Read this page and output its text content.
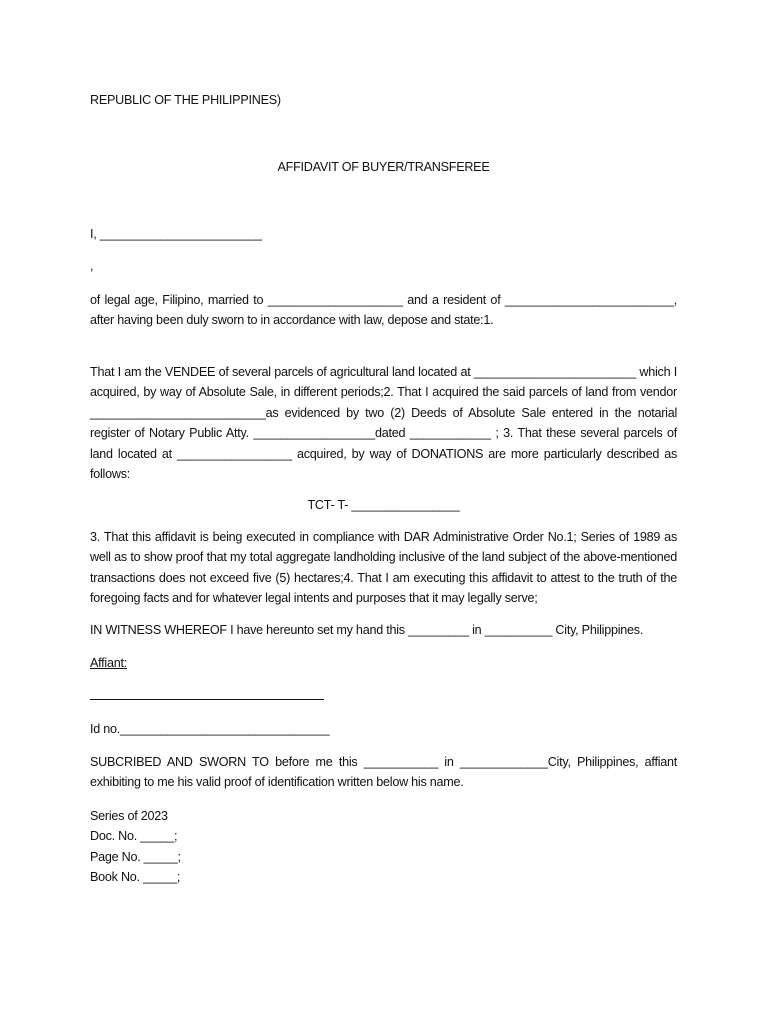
REPUBLIC OF THE PHILIPPINES)
AFFIDAVIT OF BUYER/TRANSFEREE
I, ________________________
,
of legal age, Filipino, married to ____________________ and a resident of _________________________, after having been duly sworn to in accordance with law, depose and state:1.
That I am the VENDEE of several parcels of agricultural land located at ________________________ which I acquired, by way of Absolute Sale, in different periods;2. That I acquired the said parcels of land from vendor __________________________as evidenced by two (2) Deeds of Absolute Sale entered in the notarial register of Notary Public Atty. __________________dated ____________ ; 3. That these several parcels of land located at _________________ acquired, by way of DONATIONS are more particularly described as follows:
TCT- T- ________________
3. That this affidavit is being executed in compliance with DAR Administrative Order No.1; Series of 1989 as well as to show proof that my total aggregate landholding inclusive of the land subject of the above-mentioned transactions does not exceed five (5) hectares;4. That I am executing this affidavit to attest to the truth of the foregoing facts and for whatever legal intents and purposes that it may legally serve;
IN WITNESS WHEREOF I have hereunto set my hand this _________ in __________ City, Philippines.
Affiant:
Id no._______________________________
SUBCRIBED AND SWORN TO before me this ___________ in _____________City, Philippines, affiant exhibiting to me his valid proof of identification written below his name.
Series of 2023
Doc. No. _____;
Page No. _____;
Book No. _____;
